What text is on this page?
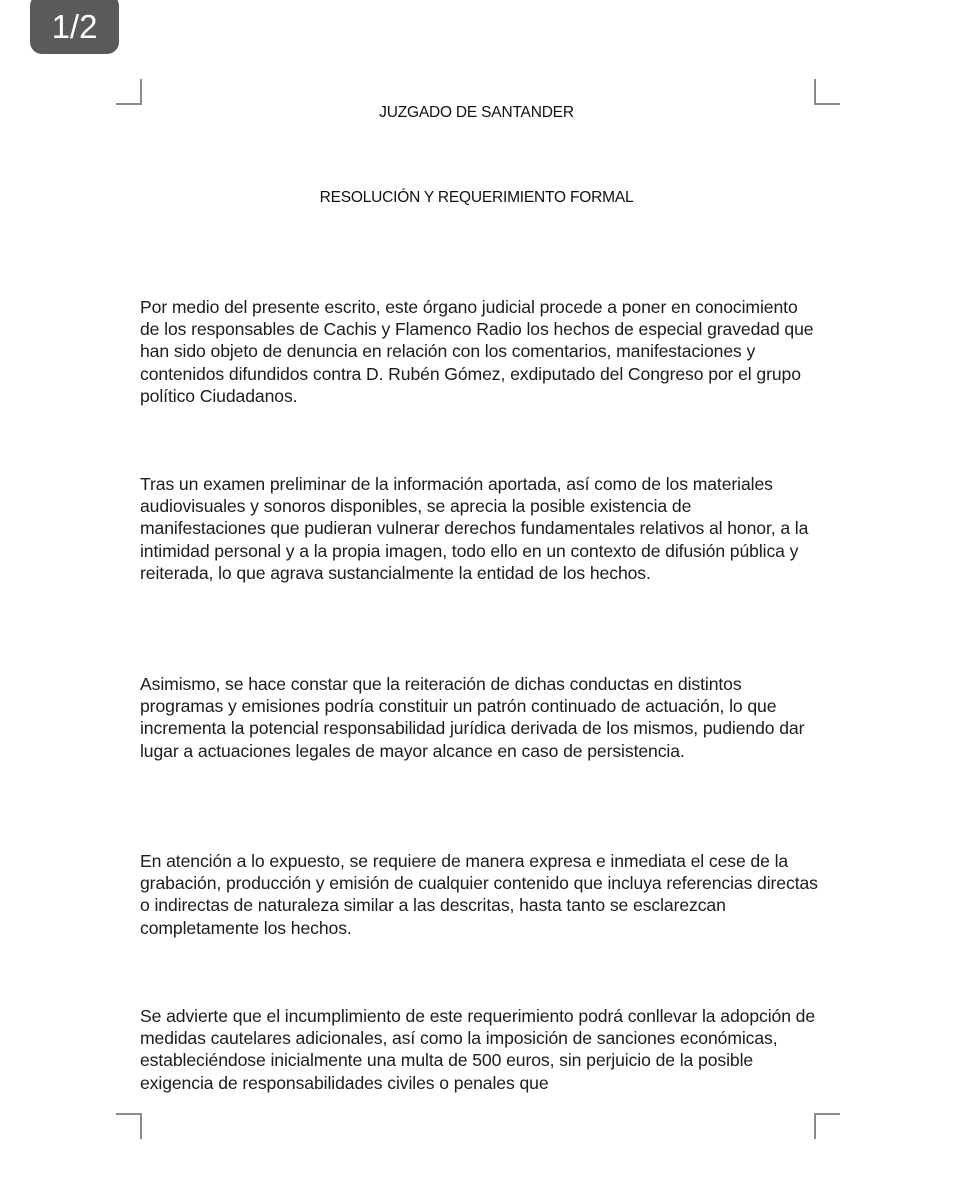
1/2
JUZGADO DE SANTANDER
RESOLUCIÓN Y REQUERIMIENTO FORMAL

Por medio del presente escrito, este órgano judicial procede a poner en conocimiento de los responsables de Cachis y Flamenco Radio los hechos de especial gravedad que han sido objeto de denuncia en relación con los comentarios, manifestaciones y contenidos difundidos contra D. Rubén Gómez, exdiputado del Congreso por el grupo político Ciudadanos.

Tras un examen preliminar de la información aportada, así como de los materiales audiovisuales y sonoros disponibles, se aprecia la posible existencia de manifestaciones que pudieran vulnerar derechos fundamentales relativos al honor, a la intimidad personal y a la propia imagen, todo ello en un contexto de difusión pública y reiterada, lo que agrava sustancialmente la entidad de los hechos.

Asimismo, se hace constar que la reiteración de dichas conductas en distintos programas y emisiones podría constituir un patrón continuado de actuación, lo que incrementa la potencial responsabilidad jurídica derivada de los mismos, pudiendo dar lugar a actuaciones legales de mayor alcance en caso de persistencia.

En atención a lo expuesto, se requiere de manera expresa e inmediata el cese de la grabación, producción y emisión de cualquier contenido que incluya referencias directas o indirectas de naturaleza similar a las descritas, hasta tanto se esclarezcan completamente los hechos.

Se advierte que el incumplimiento de este requerimiento podrá conllevar la adopción de medidas cautelares adicionales, así como la imposición de sanciones económicas, estableciéndose inicialmente una multa de 500 euros, sin perjuicio de la posible exigencia de responsabilidades civiles o penales que
